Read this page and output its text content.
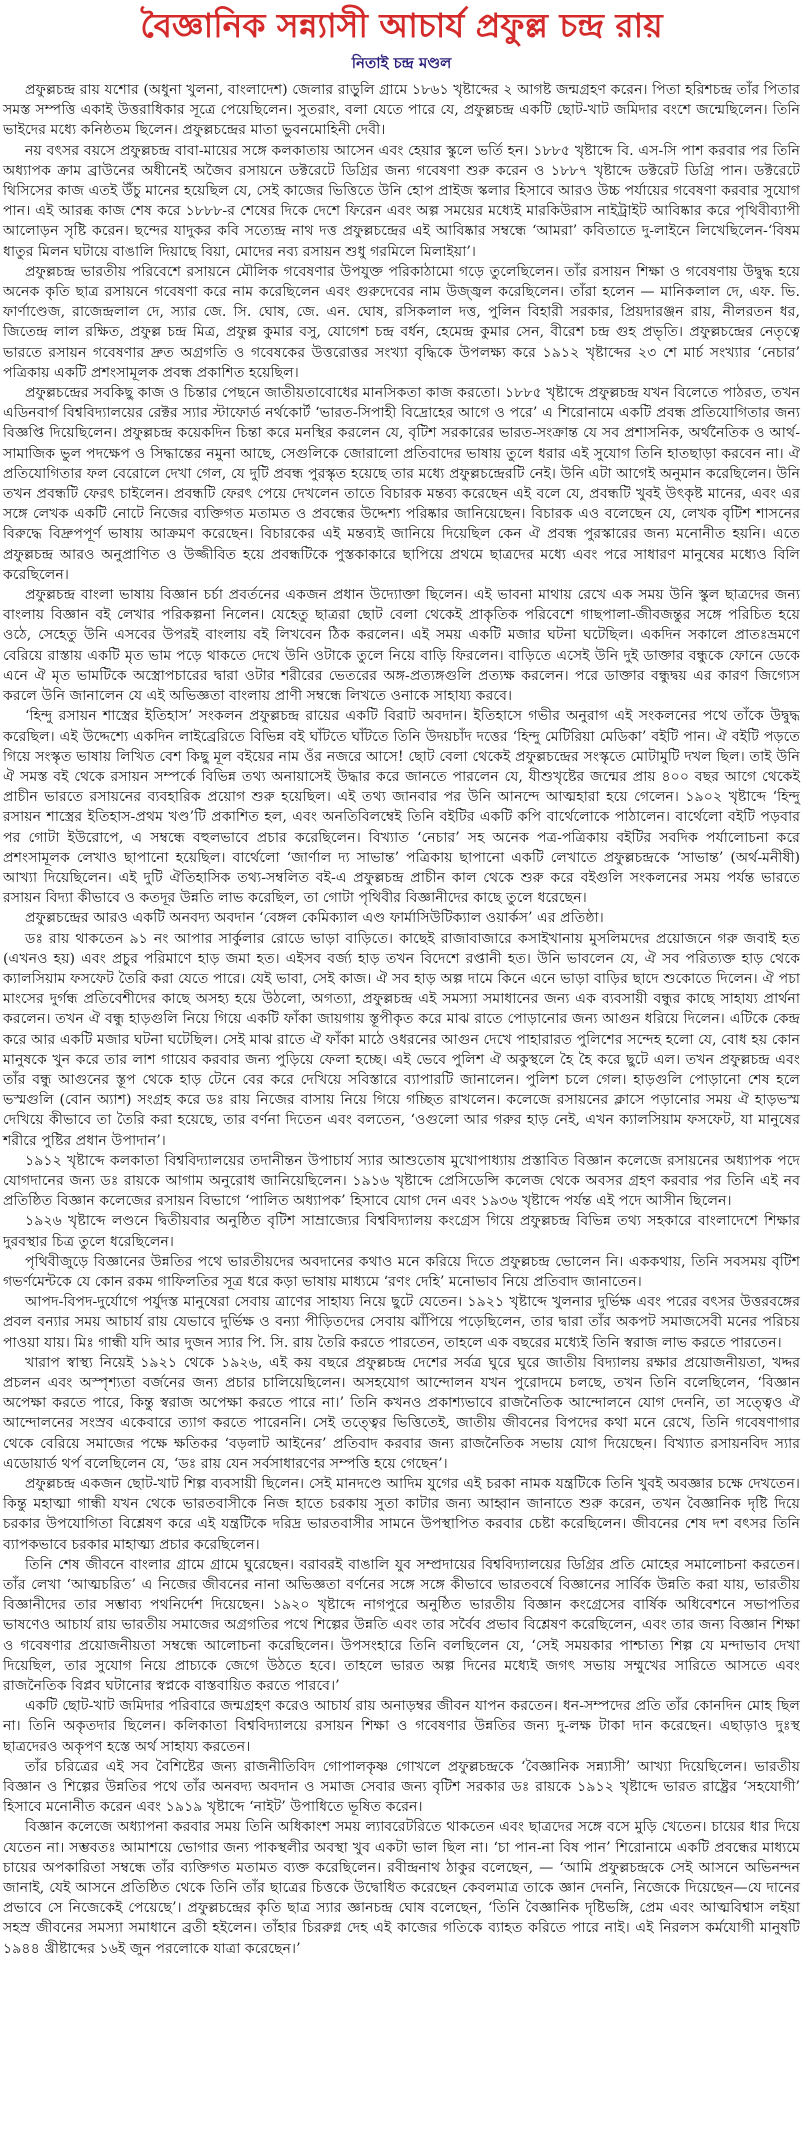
বৈজ্ঞানিক সন্ন্যাসী আচার্য প্রফুল্ল চন্দ্র রায়
নিতাই চন্দ্র মণ্ডল

প্রফুল্লচন্দ্র রায় যশোর (অধুনা খুলনা, বাংলাদেশ) জেলার রাড়ুলি গ্রামে ১৮৬১ খৃষ্টাব্দের ২ আগষ্ট জন্মগ্রহণ করেন। পিতা হরিশচন্দ্র তাঁর পিতার সমস্ত সম্পত্তি একাই উত্তরাধিকার সূত্রে পেয়েছিলেন। সুতরাং, বলা যেতে পারে যে, প্রফুল্লচন্দ্র একটি ছোট-খাট জমিদার বংশে জন্মেছিলেন। তিনি ভাইদের মধ্যে কনিষ্ঠতম ছিলেন। প্রফুল্লচন্দ্রের মাতা ভুবনমোহিনী দেবী।

নয় বৎসর বয়সে প্রফুল্লচন্দ্র বাবা-মায়ের সঙ্গে কলকাতায় আসেন এবং হেয়ার স্কুলে ভর্তি হন। ১৮৮৫ খৃষ্টাব্দে বি. এস-সি পাশ করবার পর তিনি অধ্যাপক ক্রাম ব্রাউনের অধীনেই অজৈব রসায়নে ডক্টরেটে ডিগ্রির জন্য গবেষণা শুরু করেন ও ১৮৮৭ খৃষ্টাব্দে ডক্টরেট ডিগ্রি পান। ডক্টরেটে থিসিসের কাজ এতই উঁচু মানের হয়েছিল যে, সেই কাজের ভিত্তিতে উনি হোপ প্রাইজ স্কলার হিসাবে আরও উচ্চ পর্যায়ের গবেষণা করবার সুযোগ পান। এই আরব্ধ কাজ শেষ করে ১৮৮৮-র শেষের দিকে দেশে ফিরেন এবং অল্প সময়ের মধ্যেই মারকিউরাস নাইট্রাইট আবিষ্কার করে পৃথিবীব্যাপী আলোড়ন সৃষ্টি করেন। ছন্দের যাদুকর কবি সত্যেন্দ্র নাথ দত্ত প্রফুল্লচন্দ্রের এই আবিষ্কার সম্বন্ধে ‘আমরা’ কবিতাতে দু-লাইনে লিখেছিলেন-‘বিষম ধাতুর মিলন ঘটায়ে বাঙালি দিয়াছে বিয়া, মোদের নব্য রসায়ন শুধু গরমিলে মিলাইয়া’।

প্রফুল্লচন্দ্র ভারতীয় পরিবেশে রসায়নে মৌলিক গবেষণার উপযুক্ত পরিকাঠামো গড়ে তুলেছিলেন। তাঁর রসায়ন শিক্ষা ও গবেষণায় উদ্বুদ্ধ হয়ে অনেক কৃতি ছাত্র রসায়নে গবেষণা করে নাম করেছিলেন এবং গুরুদেবের নাম উজ্জ্বল করেছিলেন। তাঁরা হলেন — মানিকলাল দে, এফ. ভি. ফার্ণাণ্ডেজ, রাজেন্দ্রলাল দে, স্যার জে. সি. ঘোষ, জে. এন. ঘোষ, রসিকলাল দত্ত, পুলিন বিহারী সরকার, প্রিয়দারঞ্জন রায়, নীলরতন ধর, জিতেন্দ্র লাল রক্ষিত, প্রফুল্ল চন্দ্র মিত্র, প্রফুল্ল কুমার বসু, যোগেশ চন্দ্র বর্ধন, হেমেন্দ্র কুমার সেন, বীরেশ চন্দ্র গুহ প্রভৃতি। প্রফুল্লচন্দ্রের নেতৃত্বে ভারতে রসায়ন গবেষণার দ্রুত অগ্রগতি ও গবেষকের উত্তরোত্তর সংখ্যা বৃদ্ধিকে উপলক্ষ্য করে ১৯১২ খৃষ্টাব্দের ২৩ শে মার্চ সংখ্যার ‘নেচার’ পত্রিকায় একটি প্রশংসামূলক প্রবন্ধ প্রকাশিত হয়েছিল।

প্রফুল্লচন্দ্রের সবকিছু কাজ ও চিন্তার পেছনে জাতীয়তাবোধের মানসিকতা কাজ করতো। ১৮৮৫ খৃষ্টাব্দে প্রফুল্লচন্দ্র যখন বিলেতে পাঠরত, তখন এডিনবার্গ বিশ্ববিদ্যালয়ের রেক্টর স্যার স্টাফোর্ড নর্থকোর্ট ‘ভারত-সিপাহী বিদ্রোহের আগে ও পরে’ এ শিরোনামে একটি প্রবন্ধ প্রতিযোগিতার জন্য বিজ্ঞপ্তি দিয়েছিলেন। প্রফুল্লচন্দ্র কয়েকদিন চিন্তা করে মনস্থির করলেন যে, বৃটিশ সরকারের ভারত-সংক্রান্ত যে সব প্রশাসনিক, অর্থনৈতিক ও আর্থ-সামাজিক ভুল পদক্ষেপ ও সিদ্ধান্তের নমুনা আছে, সেগুলিকে জোরালো প্রতিবাদের ভাষায় তুলে ধরার এই সুযোগ তিনি হাতছাড়া করবেন না। ঐ প্রতিযোগিতার ফল বেরোলে দেখা গেল, যে দুটি প্রবন্ধ পুরস্কৃত হয়েছে তার মধ্যে প্রফুল্লচন্দ্রেরটি নেই। উনি এটা আগেই অনুমান করেছিলেন। উনি তখন প্রবন্ধটি ফেরৎ চাইলেন। প্রবন্ধটি ফেরৎ পেয়ে দেখলেন তাতে বিচারক মন্তব্য করেছেন এই বলে যে, প্রবন্ধটি খুবই উৎকৃষ্ট মানের, এবং এর সঙ্গে লেখক একটি নোটে নিজের ব্যক্তিগত মতামত ও প্রবন্ধের উদ্দেশ্য পরিষ্কার জানিয়েছেন। বিচারক এও বলেছেন যে, লেখক বৃটিশ শাসনের বিরুদ্ধে বিদ্রুপপূর্ণ ভাষায় আক্রমণ করেছেন। বিচারকের এই মন্তব্যই জানিয়ে দিয়েছিল কেন ঐ প্রবন্ধ পুরস্কারের জন্য মনোনীত হয়নি। এতে প্রফুল্লচন্দ্র আরও অনুপ্রাণিত ও উজ্জীবিত হয়ে প্রবন্ধটিকে পুস্তকাকারে ছাপিয়ে প্রথমে ছাত্রদের মধ্যে এবং পরে সাধারণ মানুষের মধ্যেও বিলি করেছিলেন।

প্রফুল্লচন্দ্র বাংলা ভাষায় বিজ্ঞান চর্চা প্রবর্তনের একজন প্রধান উদ্যোক্তা ছিলেন। এই ভাবনা মাথায় রেখে এক সময় উনি স্কুল ছাত্রদের জন্য বাংলায় বিজ্ঞান বই লেখার পরিকল্পনা নিলেন। যেহেতু ছাত্ররা ছোট বেলা থেকেই প্রাকৃতিক পরিবেশে গাছপালা-জীবজন্তুর সঙ্গে পরিচিত হয়ে ওঠে, সেহেতু উনি এসবের উপরই বাংলায় বই লিখবেন ঠিক করলেন। এই সময় একটি মজার ঘটনা ঘটেছিল। একদিন সকালে প্রাতঃভ্রমণে বেরিয়ে রাস্তায় একটি মৃত ভাম পড়ে থাকতে দেখে উনি ওটাকে তুলে নিয়ে বাড়ি ফিরলেন। বাড়িতে এসেই উনি দুই ডাক্তার বন্ধুকে ফোনে ডেকে এনে ঐ মৃত ভামটিকে অস্ত্রোপচারের দ্বারা ওটার শরীরের ভেতরের অঙ্গ-প্রত্যঙ্গগুলি প্রত্যক্ষ করলেন। পরে ডাক্তার বন্ধুদ্বয় এর কারণ জিগ্যেস করলে উনি জানালেন যে এই অভিজ্ঞতা বাংলায় প্রাণী সম্বন্ধে লিখতে ওনাকে সাহায্য করবে।

‘হিন্দু রসায়ন শাস্ত্রের ইতিহাস’ সংকলন প্রফুল্লচন্দ্র রায়ের একটি বিরাট অবদান। ইতিহাসে গভীর অনুরাগ এই সংকলনের পথে তাঁকে উদ্বুদ্ধ করেছিল। এই উদ্দেশ্যে একদিন লাইব্রেরিতে বিভিন্ন বই ঘাঁটতে ঘাঁটতে তিনি উদয়চাঁদ দত্তের ‘হিন্দু মেটিরিয়া মেডিকা’ বইটি পান। ঐ বইটি পড়তে গিয়ে সংস্কৃত ভাষায় লিখিত বেশ কিছু মূল বইয়ের নাম ওঁর নজরে আসে! ছোট বেলা থেকেই প্রফুল্লচন্দ্রের সংস্কৃতে মোটামুটি দখল ছিল। তাই উনি ঐ সমস্ত বই থেকে রসায়ন সম্পর্কে বিভিন্ন তথ্য অনায়াসেই উদ্ধার করে জানতে পারলেন যে, যীশুখৃষ্টের জন্মের প্রায় ৪০০ বছর আগে থেকেই প্রাচীন ভারতে রসায়নের ব্যবহারিক প্রয়োগ শুরু হয়েছিল। এই তথ্য জানবার পর উনি আনন্দে আত্মহারা হয়ে গেলেন। ১৯০২ খৃষ্টাব্দে ‘হিন্দু রসায়ন শাস্ত্রের ইতিহাস-প্রথম খণ্ড’টি প্রকাশিত হল, এবং অনতিবিলম্বেই তিনি বইটির একটি কপি বার্থেলোকে পাঠালেন। বার্থেলো বইটি পড়বার পর গোটা ইউরোপে, এ সম্বন্ধে বহুলভাবে প্রচার করেছিলেন। বিখ্যাত ‘নেচার’ সহ অনেক পত্র-পত্রিকায় বইটির সবদিক পর্যালোচনা করে প্রশংসামূলক লেখাও ছাপানো হয়েছিল। বার্থেলো ‘জার্ণাল দ্য সাভান্ত’ পত্রিকায় ছাপানো একটি লেখাতে প্রফুল্লচন্দ্রকে ‘সাভান্ত’ (অর্থ-মনীষী) আখ্যা দিয়েছিলেন। এই দুটি ঐতিহাসিক তথ্য-সম্বলিত বই-এ প্রফুল্লচন্দ্র প্রাচীন কাল থেকে শুরু করে বইগুলি সংকলনের সময় পর্যন্ত ভারতে রসায়ন বিদ্যা কীভাবে ও কতদূর উন্নতি লাভ করেছিল, তা গোটা পৃথিবীর বিজ্ঞানীদের কাছে তুলে ধরেছেন।

প্রফুল্লচন্দ্রের আরও একটি অনবদ্য অবদান ‘বেঙ্গল কেমিক্যাল এণ্ড ফার্মাসিউটিক্যাল ওয়ার্কস’ এর প্রতিষ্ঠা।

ডঃ রায় থাকতেন ৯১ নং আপার সার্কুলার রোডে ভাড়া বাড়িতে। কাছেই রাজাবাজারে কসাইখানায় মুসলিমদের প্রয়োজনে গরু জবাই হত (এখনও হয়) এবং প্রচুর পরিমাণে হাড় জমা হত। এইসব বর্জ্য হাড় তখন বিদেশে রপ্তানী হত। উনি ভাবলেন যে, ঐ সব পরিত্যক্ত হাড় থেকে ক্যালসিয়াম ফসফেট তৈরি করা যেতে পারে। যেই ভাবা, সেই কাজ। ঐ সব হাড় অল্প দামে কিনে এনে ভাড়া বাড়ির ছাদে শুকোতে দিলেন। ঐ পচা মাংসের দুর্গন্ধ প্রতিবেশীদের কাছে অসহ্য হয়ে উঠলো, অগত্যা, প্রফুল্লচন্দ্র এই সমস্যা সমাধানের জন্য এক ব্যবসায়ী বন্ধুর কাছে সাহায্য প্রার্থনা করলেন। তখন ঐ বন্ধু হাড়গুলি নিয়ে গিয়ে একটি ফাঁকা জায়গায় স্তূপীকৃত করে মাঝ রাতে পোড়ানোর জন্য আগুন ধরিয়ে দিলেন। এটিকে কেন্দ্র করে আর একটি মজার ঘটনা ঘটেছিল। সেই মাঝ রাতে ঐ ফাঁকা মাঠে ওধরনের আগুন দেখে পাহারারত পুলিশের সন্দেহ হলো যে, বোধ হয় কোন মানুষকে খুন করে তার লাশ গায়েব করবার জন্য পুড়িয়ে ফেলা হচ্ছে। এই ভেবে পুলিশ ঐ অকুস্থলে হৈ হৈ করে ছুটে এল। তখন প্রফুল্লচন্দ্র এবং তাঁর বন্ধু আগুনের স্তূপ থেকে হাড় টেনে বের করে দেখিয়ে সবিস্তারে ব্যাপারটি জানালেন। পুলিশ চলে গেল। হাড়গুলি পোড়ানো শেষ হলে ভস্মগুলি (বোন অ্যাশ) সংগ্রহ করে ডঃ রায় নিজের বাসায় নিয়ে গিয়ে গচ্ছিত রাখলেন। কলেজে রসায়নের ক্লাসে পড়ানোর সময় ঐ হাড়ভস্ম দেখিয়ে কীভাবে তা তৈরি করা হয়েছে, তার বর্ণনা দিতেন এবং বলতেন, ‘ওগুলো আর গরুর হাড় নেই, এখন ক্যালসিয়াম ফসফেট, যা মানুষের শরীরে পুষ্টির প্রধান উপাদান’।

১৯১২ খৃষ্টাব্দে কলকাতা বিশ্ববিদ্যালয়ের তদানীন্তন উপাচার্য স্যার আশুতোষ মুখোপাধ্যায় প্রস্তাবিত বিজ্ঞান কলেজে রসায়নের অধ্যাপক পদে যোগদানের জন্য ডঃ রায়কে আগাম অনুরোধ জানিয়েছিলেন। ১৯১৬ খৃষ্টাব্দে প্রেসিডেন্সি কলেজ থেকে অবসর গ্রহণ করবার পর তিনি এই নব প্রতিষ্ঠিত বিজ্ঞান কলেজের রসায়ন বিভাগে ‘পালিত অধ্যাপক’ হিসাবে যোগ দেন এবং ১৯৩৬ খৃষ্টাব্দে পর্যন্ত এই পদে আসীন ছিলেন।

১৯২৬ খৃষ্টাব্দে লণ্ডনে দ্বিতীয়বার অনুষ্ঠিত বৃটিশ সাম্রাজ্যের বিশ্ববিদ্যালয় কংগ্রেস গিয়ে প্রফুল্লচন্দ্র বিভিন্ন তথ্য সহকারে বাংলাদেশে শিক্ষার দুরবস্থার চিত্র তুলে ধরেছিলেন।

পৃথিবীজুড়ে বিজ্ঞানের উন্নতির পথে ভারতীয়দের অবদানের কথাও মনে করিয়ে দিতে প্রফুল্লচন্দ্র ভোলেন নি। এককথায়, তিনি সবসময় বৃটিশ গভর্ণমেন্টকে যে কোন রকম গাফিলতির সূত্র ধরে কড়া ভাষায় মাধ্যমে ‘রণং দেহি’ মনোভাব নিয়ে প্রতিবাদ জানাতেন।

আপদ-বিপদ-দুর্যোগে পর্যুদস্ত মানুষেরা সেবায় ত্রাণের সাহায্য নিয়ে ছুটে যেতেন। ১৯২১ খৃষ্টাব্দে খুলনার দুর্ভিক্ষ এবং পরের বৎসর উত্তরবঙ্গের প্রবল বন্যার সময় আচার্য রায় যেভাবে দুর্ভিক্ষ ও বন্যা পীড়িতদের সেবায় ঝাঁপিয়ে পড়েছিলেন, তার দ্বারা তাঁর অকপট সমাজসেবী মনের পরিচয় পাওয়া যায়। মিঃ গান্ধী যদি আর দুজন স্যার পি. সি. রায় তৈরি করতে পারতেন, তাহলে এক বছরের মধ্যেই তিনি স্বরাজ লাভ করতে পারতেন।

খারাপ স্বাস্থ্য নিয়েই ১৯২১ থেকে ১৯২৬, এই কয় বছরে প্রফুল্লচন্দ্র দেশের সর্বত্র ঘুরে ঘুরে জাতীয় বিদ্যালয় রক্ষার প্রয়োজনীয়তা, খদ্দর প্রচলন এবং অস্পৃশ্যতা বর্জনের জন্য প্রচার চালিয়েছিলেন। অসহযোগ আন্দোলন যখন পুরোদমে চলছে, তখন তিনি বলেছিলেন, ‘বিজ্ঞান অপেক্ষা করতে পারে, কিন্তু স্বরাজ অপেক্ষা করতে পারে না।’ তিনি কখনও প্রকাশ্যভাবে রাজনৈতিক আন্দোলনে যোগ দেননি, তা সত্ত্বেও ঐ আন্দোলনের সংস্রব একেবারে ত্যাগ করতে পারেননি। সেই তত্ত্বের ভিত্তিতেই, জাতীয় জীবনের বিপদের কথা মনে রেখে, তিনি গবেষণাগার থেকে বেরিয়ে সমাজের পক্ষে ক্ষতিকর ‘বড়লাট আইনের’ প্রতিবাদ করবার জন্য রাজনৈতিক সভায় যোগ দিয়েছেন। বিখ্যাত রসায়নবিদ স্যার এডোয়ার্ড থর্প বলেছিলেন যে, ‘ডঃ রায় যেন সর্বসাধারণের সম্পত্তি হয়ে গেছেন’।

প্রফুল্লচন্দ্র একজন ছোট-খাট শিল্প ব্যবসায়ী ছিলেন। সেই মানদণ্ডে আদিম যুগের এই চরকা নামক যন্ত্রটিকে তিনি খুবই অবজ্ঞার চক্ষে দেখতেন। কিন্তু মহাত্মা গান্ধী যখন থেকে ভারতবাসীকে নিজ হাতে চরকায় সুতা কাটার জন্য আহ্বান জানাতে শুরু করেন, তখন বৈজ্ঞানিক দৃষ্টি দিয়ে চরকার উপযোগিতা বিশ্লেষণ করে এই যন্ত্রটিকে দরিদ্র ভারতবাসীর সামনে উপস্থাপিত করবার চেষ্টা করেছিলেন। জীবনের শেষ দশ বৎসর তিনি ব্যাপকভাবে চরকার মাহাত্ম্য প্রচার করেছিলেন।

তিনি শেষ জীবনে বাংলার গ্রামে গ্রামে ঘুরেছেন। বরাবরই বাঙালি যুব সম্প্রদায়ের বিশ্ববিদ্যালয়ের ডিগ্রির প্রতি মোহের সমালোচনা করতেন। তাঁর লেখা ‘আত্মচরিত’ এ নিজের জীবনের নানা অভিজ্ঞতা বর্ণনের সঙ্গে সঙ্গে কীভাবে ভারতবর্ষে বিজ্ঞানের সার্বিক উন্নতি করা যায়, ভারতীয় বিজ্ঞানীদের তার সম্ভাব্য পথনির্দেশ দিয়েছেন। ১৯২০ খৃষ্টাব্দে নাগপুরে অনুষ্ঠিত ভারতীয় বিজ্ঞান কংগ্রেসের বার্ষিক অধিবেশনে সভাপতির ভাষণেও আচার্য রায় ভারতীয় সমাজের অগ্রগতির পথে শিল্পের উন্নতি এবং তার সর্বৈব প্রভাব বিশ্লেষণ করেছিলেন, এবং তার জন্য বিজ্ঞান শিক্ষা ও গবেষণার প্রয়োজনীয়তা সম্বন্ধে আলোচনা করেছিলেন। উপসংহারে তিনি বলছিলেন যে, ‘সেই সময়কার পাশ্চাত্য শিল্প যে মন্দাভাব দেখা দিয়েছিল, তার সুযোগ নিয়ে প্রাচ্যকে জেগে উঠতে হবে। তাহলে ভারত অল্প দিনের মধ্যেই জগৎ সভায় সম্মুখের সারিতে আসতে এবং রাজনৈতিক বিপ্লব ঘটানোর স্বপ্নকে বাস্তবায়িত করতে পারবে।’

একটি ছোট-খাট জমিদার পরিবারে জন্মগ্রহণ করেও আচার্য রায় অনাড়ম্বর জীবন যাপন করতেন। ধন-সম্পদের প্রতি তাঁর কোনদিন মোহ ছিল না। তিনি অকৃতদার ছিলেন। কলিকাতা বিশ্ববিদ্যালয়ে রসায়ন শিক্ষা ও গবেষণার উন্নতির জন্য দু-লক্ষ টাকা দান করেছেন। এছাড়াও দুঃস্থ ছাত্রদেরও অকৃপণ হস্তে অর্থ সাহায্য করতেন।

তাঁর চরিত্রের এই সব বৈশিষ্টের জন্য রাজনীতিবিদ গোপালকৃষ্ণ গোখলে প্রফুল্লচন্দ্রকে ‘বৈজ্ঞানিক সন্ন্যাসী’ আখ্যা দিয়েছিলেন। ভারতীয় বিজ্ঞান ও শিল্পের উন্নতির পথে তাঁর অনবদ্য অবদান ও সমাজ সেবার জন্য বৃটিশ সরকার ডঃ রায়কে ১৯১২ খৃষ্টাব্দে ভারত রাষ্ট্রের ‘সহযোগী’ হিসাবে মনোনীত করেন এবং ১৯১৯ খৃষ্টাব্দে ‘নাইট’ উপাধিতে ভূষিত করেন।

বিজ্ঞান কলেজে অধ্যাপনা করবার সময় তিনি অধিকাংশ সময় ল্যাবরেটরিতে থাকতেন এবং ছাত্রদের সঙ্গে বসে মুড়ি খেতেন। চায়ের ধার দিয়ে যেতেন না। সম্ভবতঃ আমাশয়ে ভোগার জন্য পাকস্থলীর অবস্থা খুব একটা ভাল ছিল না। ‘চা পান-না বিষ পান’ শিরোনামে একটি প্রবন্ধের মাধ্যমে চায়ের অপকারিতা সম্বন্ধে তাঁর ব্যক্তিগত মতামত ব্যক্ত করেছিলেন। রবীন্দ্রনাথ ঠাকুর বলেছেন, — ‘আমি প্রফুল্লচন্দ্রকে সেই আসনে অভিনন্দন জানাই, যেই আসনে প্রতিষ্ঠিত থেকে তিনি তাঁর ছাত্রের চিত্তকে উদ্বোধিত করেছেন কেবলমাত্র তাকে জ্ঞান দেননি, নিজেকে দিয়েছেন—যে দানের প্রভাবে সে নিজেকেই পেয়েছে’। প্রফুল্লচন্দ্রের কৃতি ছাত্র স্যার জ্ঞানচন্দ্র ঘোষ বলেছেন, ‘তিনি বৈজ্ঞানিক দৃষ্টিভঙ্গি, প্রেম এবং আত্মবিশ্বাস লইয়া সহস্র জীবনের সমস্যা সমাধানে ব্রতী হইলেন। তাঁহার চিররুগ্ন দেহ এই কাজের গতিকে ব্যাহত করিতে পারে নাই। এই নিরলস কর্মযোগী মানুষটি ১৯৪৪ খ্রীষ্টাব্দের ১৬ই জুন পরলোকে যাত্রা করেছেন।’
